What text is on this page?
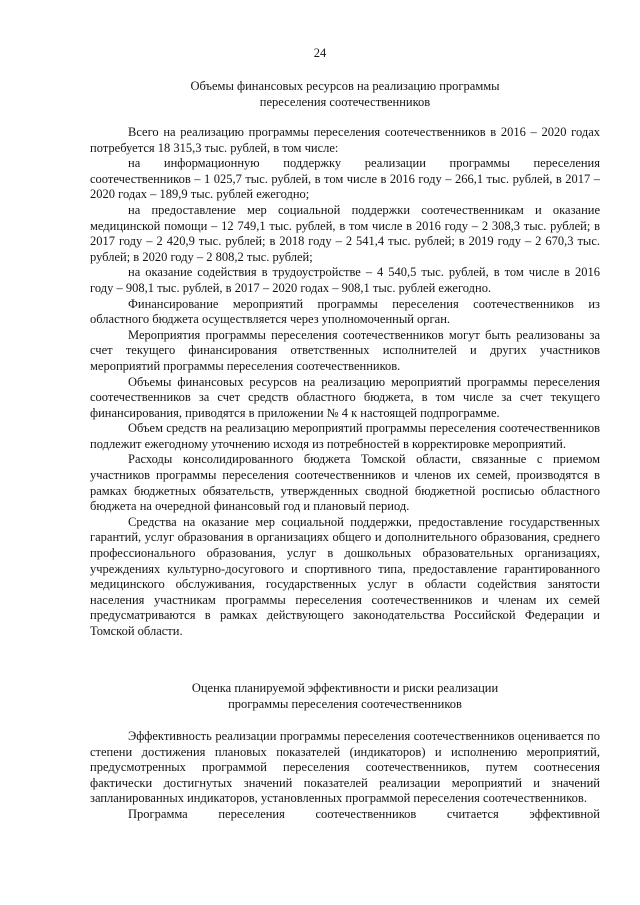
24
Объемы финансовых ресурсов на реализацию программы
переселения соотечественников

Всего на реализацию программы переселения соотечественников в 2016 – 2020 годах потребуется 18 315,3 тыс. рублей, в том числе:

на информационную поддержку реализации программы переселения соотечественников – 1 025,7 тыс. рублей, в том числе в 2016 году – 266,1 тыс. рублей, в 2017 – 2020 годах – 189,9 тыс. рублей ежегодно;

на предоставление мер социальной поддержки соотечественникам и оказание медицинской помощи – 12 749,1 тыс. рублей, в том числе в 2016 году – 2 308,3 тыс. рублей; в 2017 году – 2 420,9 тыс. рублей; в 2018 году – 2 541,4 тыс. рублей; в 2019 году – 2 670,3 тыс. рублей; в 2020 году – 2 808,2 тыс. рублей;

на оказание содействия в трудоустройстве – 4 540,5 тыс. рублей, в том числе в 2016 году – 908,1 тыс. рублей, в 2017 – 2020 годах – 908,1 тыс. рублей ежегодно.

Финансирование мероприятий программы переселения соотечественников из областного бюджета осуществляется через уполномоченный орган.

Мероприятия программы переселения соотечественников могут быть реализованы за счет текущего финансирования ответственных исполнителей и других участников мероприятий программы переселения соотечественников.

Объемы финансовых ресурсов на реализацию мероприятий программы переселения соотечественников за счет средств областного бюджета, в том числе за счет текущего финансирования, приводятся в приложении № 4 к настоящей подпрограмме.

Объем средств на реализацию мероприятий программы переселения соотечественников подлежит ежегодному уточнению исходя из потребностей в корректировке мероприятий.

Расходы консолидированного бюджета Томской области, связанные с приемом участников программы переселения соотечественников и членов их семей, производятся в рамках бюджетных обязательств, утвержденных сводной бюджетной росписью областного бюджета на очередной финансовый год и плановый период.

Средства на оказание мер социальной поддержки, предоставление государственных гарантий, услуг образования в организациях общего и дополнительного образования, среднего профессионального образования, услуг в дошкольных образовательных организациях, учреждениях культурно-досугового и спортивного типа, предоставление гарантированного медицинского обслуживания, государственных услуг в области содействия занятости населения участникам программы переселения соотечественников и членам их семей предусматриваются в рамках действующего законодательства Российской Федерации и Томской области.

Оценка планируемой эффективности и риски реализации
программы переселения соотечественников

Эффективность реализации программы переселения соотечественников оценивается по степени достижения плановых показателей (индикаторов) и исполнению мероприятий, предусмотренных программой переселения соотечественников, путем соотнесения фактически достигнутых значений показателей реализации мероприятий и значений запланированных индикаторов, установленных программой переселения соотечественников.

Программа переселения соотечественников считается эффективной
